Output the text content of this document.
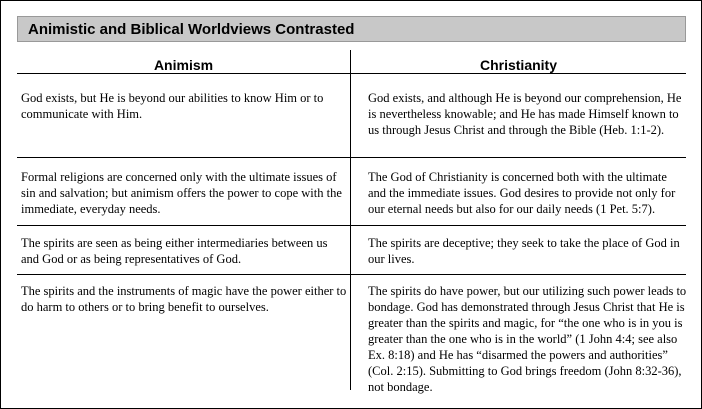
Animistic and Biblical Worldviews Contrasted
Animism	Christianity
God exists, but He is beyond our abilities to know Him or to communicate with Him.
God exists, and although He is beyond our comprehension, He is nevertheless knowable; and He has made Himself known to us through Jesus Christ and through the Bible (Heb. 1:1-2).
Formal religions are concerned only with the ultimate issues of sin and salvation; but animism offers the power to cope with the immediate, everyday needs.
The God of Christianity is concerned both with the ultimate and the immediate issues. God desires to provide not only for our eternal needs but also for our daily needs (1 Pet. 5:7).
The spirits are seen as being either intermediaries between us and God or as being representatives of God.
The spirits are deceptive; they seek to take the place of God in our lives.
The spirits and the instruments of magic have the power either to do harm to others or to bring benefit to ourselves.
The spirits do have power, but our utilizing such power leads to bondage. God has demonstrated through Jesus Christ that He is greater than the spirits and magic, for “the one who is in you is greater than the one who is in the world” (1 John 4:4; see also Ex. 8:18) and He has “disarmed the powers and authorities” (Col. 2:15). Submitting to God brings freedom (John 8:32-36), not bondage.
